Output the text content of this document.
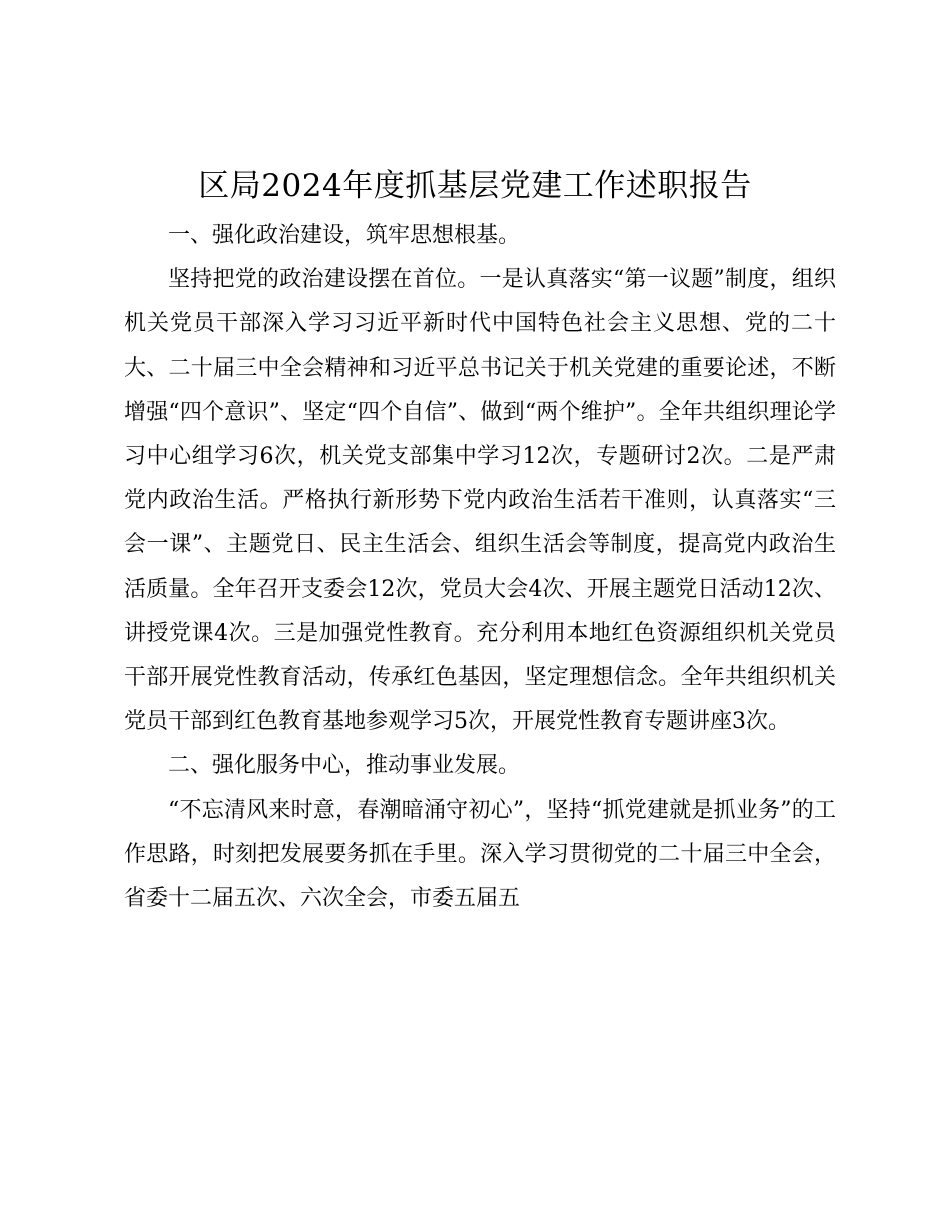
区局2024年度抓基层党建工作述职报告

一、强化政治建设，筑牢思想根基。

坚持把党的政治建设摆在首位。一是认真落实“第一议题”制度，组织机关党员干部深入学习习近平新时代中国特色社会主义思想、党的二十大、二十届三中全会精神和习近平总书记关于机关党建的重要论述，不断增强“四个意识”、坚定“四个自信”、做到“两个维护”。全年共组织理论学习中心组学习6次，机关党支部集中学习12次，专题研讨2次。二是严肃党内政治生活。严格执行新形势下党内政治生活若干准则，认真落实“三会一课”、主题党日、民主生活会、组织生活会等制度，提高党内政治生活质量。全年召开支委会12次，党员大会4次、开展主题党日活动12次、讲授党课4次。三是加强党性教育。充分利用本地红色资源组织机关党员干部开展党性教育活动，传承红色基因，坚定理想信念。全年共组织机关党员干部到红色教育基地参观学习5次，开展党性教育专题讲座3次。

二、强化服务中心，推动事业发展。

“不忘清风来时意，春潮暗涌守初心”，坚持“抓党建就是抓业务”的工作思路，时刻把发展要务抓在手里。深入学习贯彻党的二十届三中全会，省委十二届五次、六次全会，市委五届五
